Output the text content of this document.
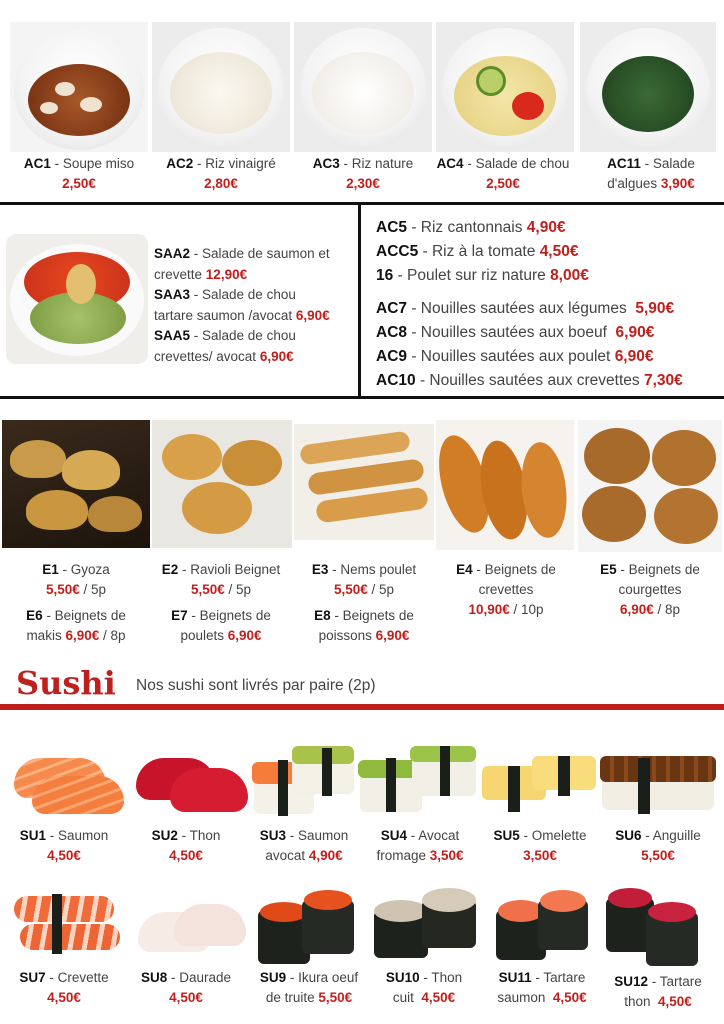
AC1 - Soupe miso
2,50€
AC2 - Riz vinaigré
2,80€
AC3 - Riz nature
2,30€
AC4 - Salade de chou
2,50€
AC11 - Salade
d'algues 3,90€
SAA2 - Salade de saumon et
crevette 12,90€
SAA3 - Salade de chou
tartare saumon /avocat 6,90€
SAA5 - Salade de chou
crevettes/ avocat 6,90€
AC5 - Riz cantonnais 4,90€
ACC5 - Riz à la tomate 4,50€
16 - Poulet sur riz nature 8,00€
AC7 - Nouilles sautées aux légumes 5,90€
AC8 - Nouilles sautées aux boeuf 6,90€
AC9 - Nouilles sautées aux poulet 6,90€
AC10 - Nouilles sautées aux crevettes 7,30€
E1 - Gyoza
5,50€ / 5p
E2 - Ravioli Beignet
5,50€ / 5p
E3 - Nems poulet
5,50€ / 5p
E4 - Beignets de
crevettes
10,90€ / 10p
E5 - Beignets de
courgettes
6,90€ / 8p
E6 - Beignets de
makis 6,90€ / 8p
E7 - Beignets de
poulets 6,90€
E8 - Beignets de
poissons 6,90€
Sushi Nos sushi sont livrés par paire (2p)
SU1 - Saumon
4,50€
SU2 - Thon
4,50€
SU3 - Saumon
avocat 4,90€
SU4 - Avocat
fromage 3,50€
SU5 - Omelette
3,50€
SU6 - Anguille
5,50€
SU7 - Crevette
4,50€
SU8 - Daurade
4,50€
SU9 - Ikura oeuf
de truite 5,50€
SU10 - Thon
cuit 4,50€
SU11 - Tartare
saumon 4,50€
SU12 - Tartare
thon 4,50€
